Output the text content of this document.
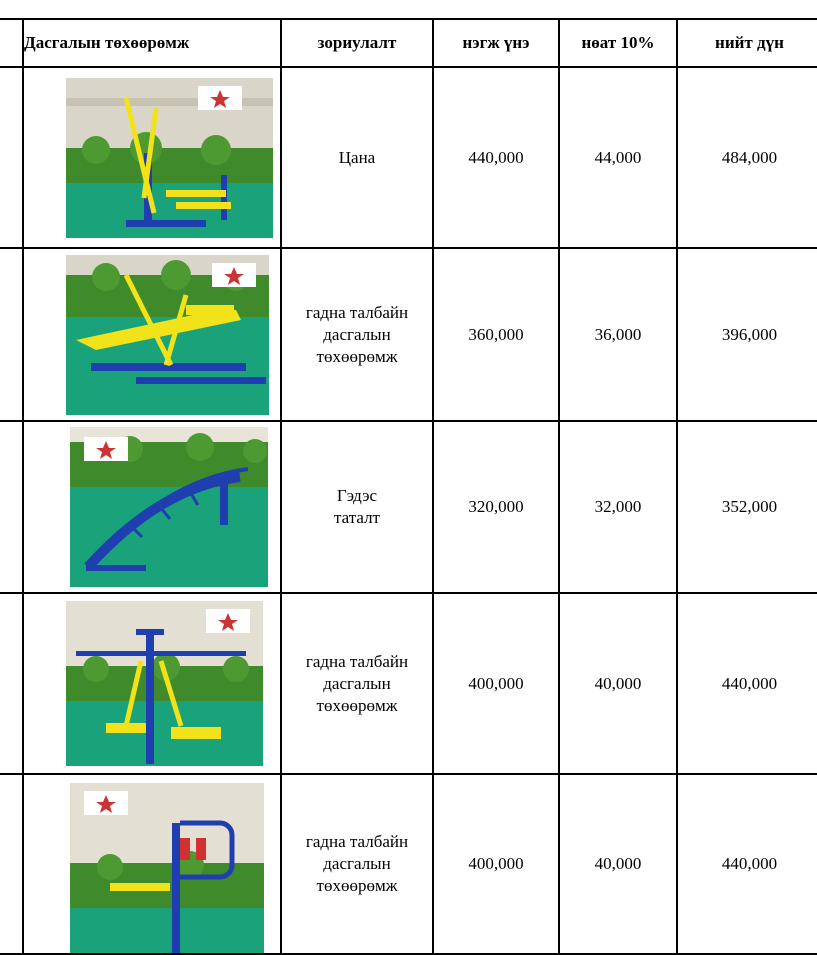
	Дасгалын төхөөрөмж	зориулалт	нэгж үнэ	нөат 10%	нийт дүн

Цана	440,000	44,000	484,000

гадна талбайн
дасгалын
төхөөрөмж	360,000	36,000	396,000

Гэдэс
таталт	320,000	32,000	352,000

гадна талбайн
дасгалын
төхөөрөмж	400,000	40,000	440,000

гадна талбайн
дасгалын
төхөөрөмж	400,000	40,000	440,000
